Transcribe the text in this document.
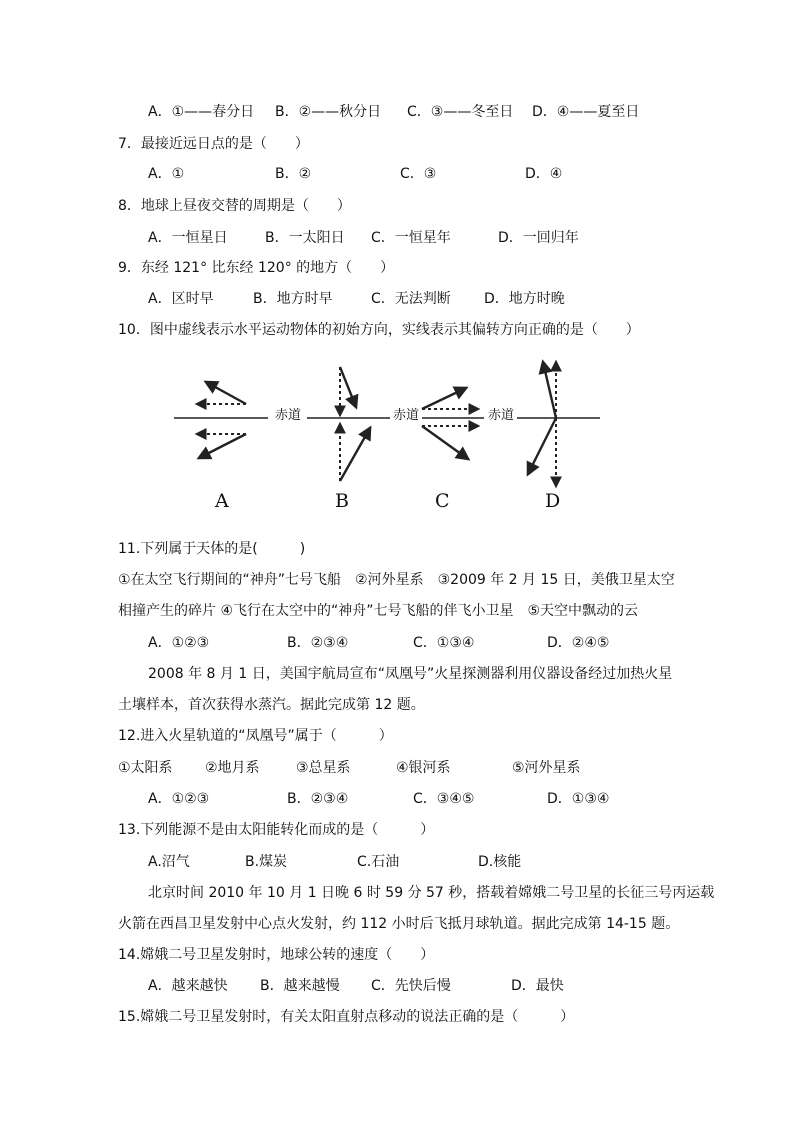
A．①——春分日 B．②——秋分日 C．③——冬至日 D．④——夏至日
7．最接近远日点的是（　　）
A．①	B．②	C．③	D．④
8．地球上昼夜交替的周期是（　　）
A．一恒星日	B．一太阳日 C．一恒星年	D．一回归年
9．东经 121° 比东经 120° 的地方（　　）
A．区时早	B．地方时早	C．无法判断 D．地方时晚
10．图中虚线表示水平运动物体的初始方向，实线表示其偏转方向正确的是（　　）
赤道	赤道	赤道
A	B	C	D
11.下列属于天体的是(　　　)
①在太空飞行期间的“神舟”七号飞船　②河外星系　③2009 年 2 月 15 日，美俄卫星太空
相撞产生的碎片 ④飞行在太空中的“神舟”七号飞船的伴飞小卫星　⑤天空中飘动的云
A．①②③	B．②③④	C．①③④	D．②④⑤
2008 年 8 月 1 日，美国宇航局宣布“凤凰号”火星探测器利用仪器设备经过加热火星
土壤样本，首次获得水蒸汽。据此完成第 12 题。
12.进入火星轨道的“凤凰号”属于（　　　）
①太阳系 ②地月系	③总星系	④银河系	⑤河外星系
A．①②③	B．②③④	C．③④⑤	D．①③④
13.下列能源不是由太阳能转化而成的是（　　　）
A.沼气	B.煤炭	C.石油	D.核能
北京时间 2010 年 10 月 1 日晚 6 时 59 分 57 秒，搭载着嫦娥二号卫星的长征三号丙运载
火箭在西昌卫星发射中心点火发射，约 112 小时后飞抵月球轨道。据此完成第 14-15 题。
14.嫦娥二号卫星发射时，地球公转的速度（　　）
A．越来越快 B．越来越慢 C．先快后慢	D．最快
15.嫦娥二号卫星发射时，有关太阳直射点移动的说法正确的是（　　　）
